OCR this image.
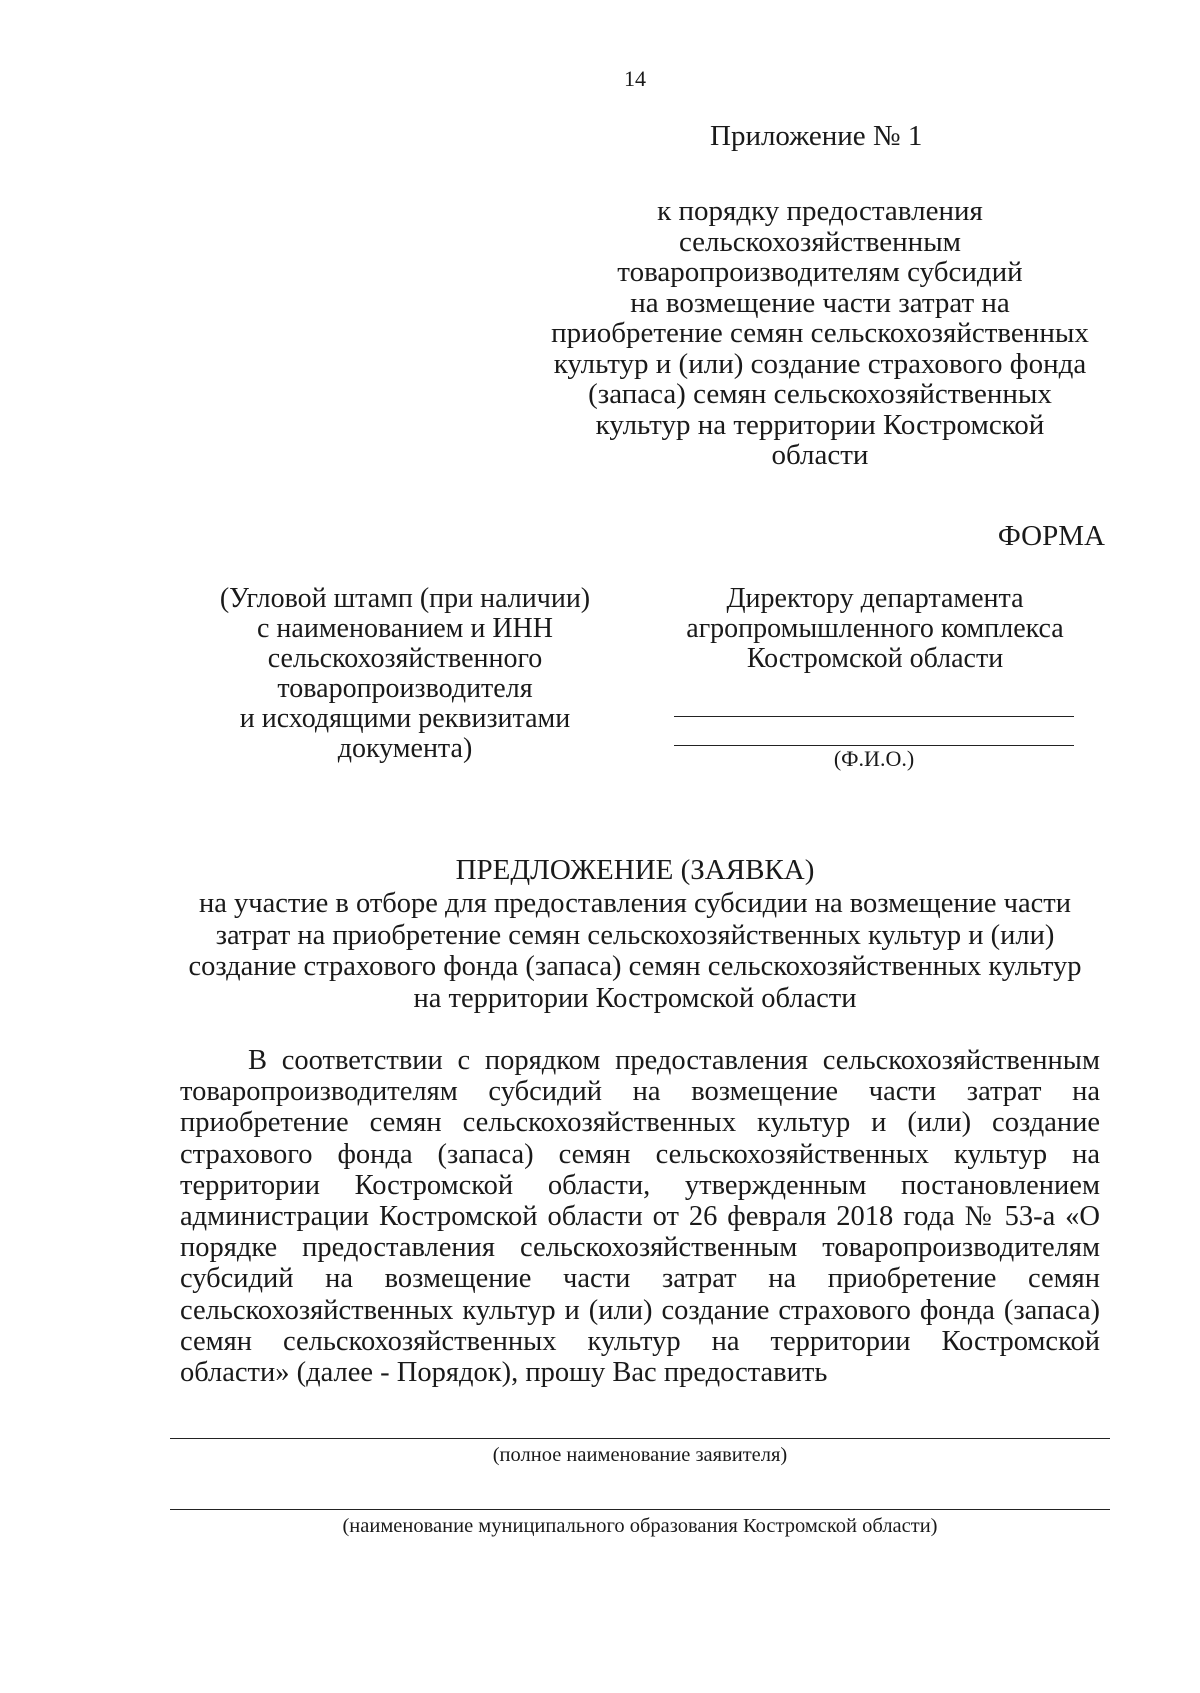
14
Приложение № 1
к порядку предоставления
сельскохозяйственным
товаропроизводителям субсидий
на возмещение части затрат на
приобретение семян сельскохозяйственных
культур и (или) создание страхового фонда
(запаса) семян сельскохозяйственных
культур на территории Костромской
области
ФОРМА
(Угловой штамп (при наличии)
с наименованием и ИНН
сельскохозяйственного
товаропроизводителя
и исходящими реквизитами
документа)
Директору департамента
агропромышленного комплекса
Костромской области
(Ф.И.О.)
ПРЕДЛОЖЕНИЕ (ЗАЯВКА)
на участие в отборе для предоставления субсидии на возмещение части
затрат на приобретение семян сельскохозяйственных культур и (или)
создание страхового фонда (запаса) семян сельскохозяйственных культур
на территории Костромской области
В соответствии с порядком предоставления сельскохозяйственным
товаропроизводителям субсидий на возмещение части затрат на
приобретение семян сельскохозяйственных культур и (или) создание
страхового фонда (запаса) семян сельскохозяйственных культур на
территории Костромской области, утвержденным постановлением
администрации Костромской области от 26 февраля 2018 года № 53-а «О
порядке предоставления сельскохозяйственным товаропроизводителям
субсидий на возмещение части затрат на приобретение семян
сельскохозяйственных культур и (или) создание страхового фонда (запаса)
семян сельскохозяйственных культур на территории Костромской
области» (далее - Порядок), прошу Вас предоставить
(полное наименование заявителя)
(наименование муниципального образования Костромской области)
